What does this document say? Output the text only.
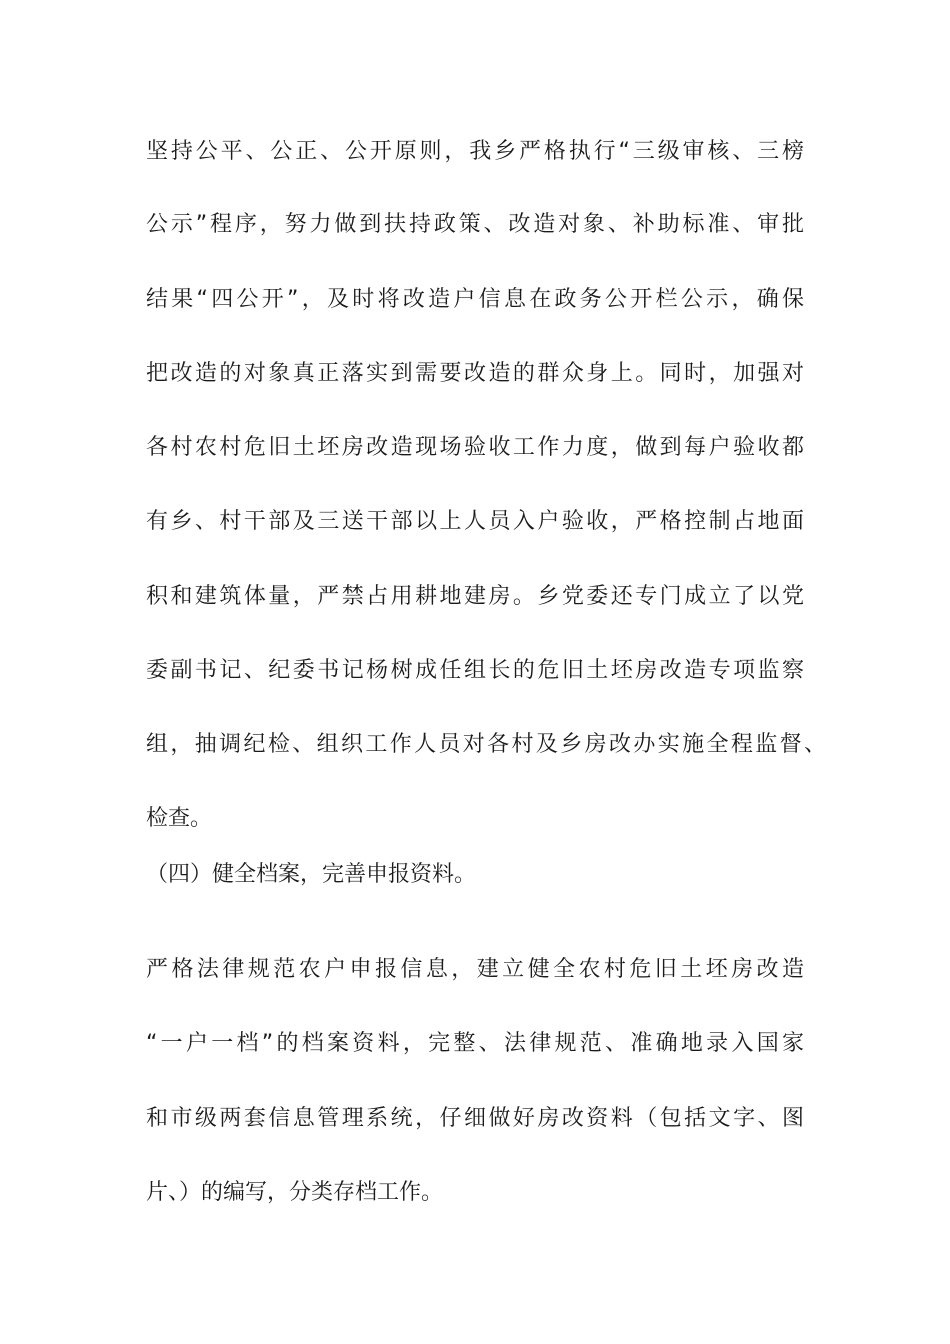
坚持公平、公正、公开原则，我乡严格执行“三级审核、三榜
公示”程序，努力做到扶持政策、改造对象、补助标准、审批
结果“四公开”，及时将改造户信息在政务公开栏公示，确保
把改造的对象真正落实到需要改造的群众身上。同时，加强对
各村农村危旧土坯房改造现场验收工作力度，做到每户验收都
有乡、村干部及三送干部以上人员入户验收，严格控制占地面
积和建筑体量，严禁占用耕地建房。乡党委还专门成立了以党
委副书记、纪委书记杨树成任组长的危旧土坯房改造专项监察
组，抽调纪检、组织工作人员对各村及乡房改办实施全程监督、
检查。
（四）健全档案，完善申报资料。
严格法律规范农户申报信息，建立健全农村危旧土坯房改造
“一户一档”的档案资料，完整、法律规范、准确地录入国家
和市级两套信息管理系统，仔细做好房改资料（包括文字、图
片、）的编写，分类存档工作。
